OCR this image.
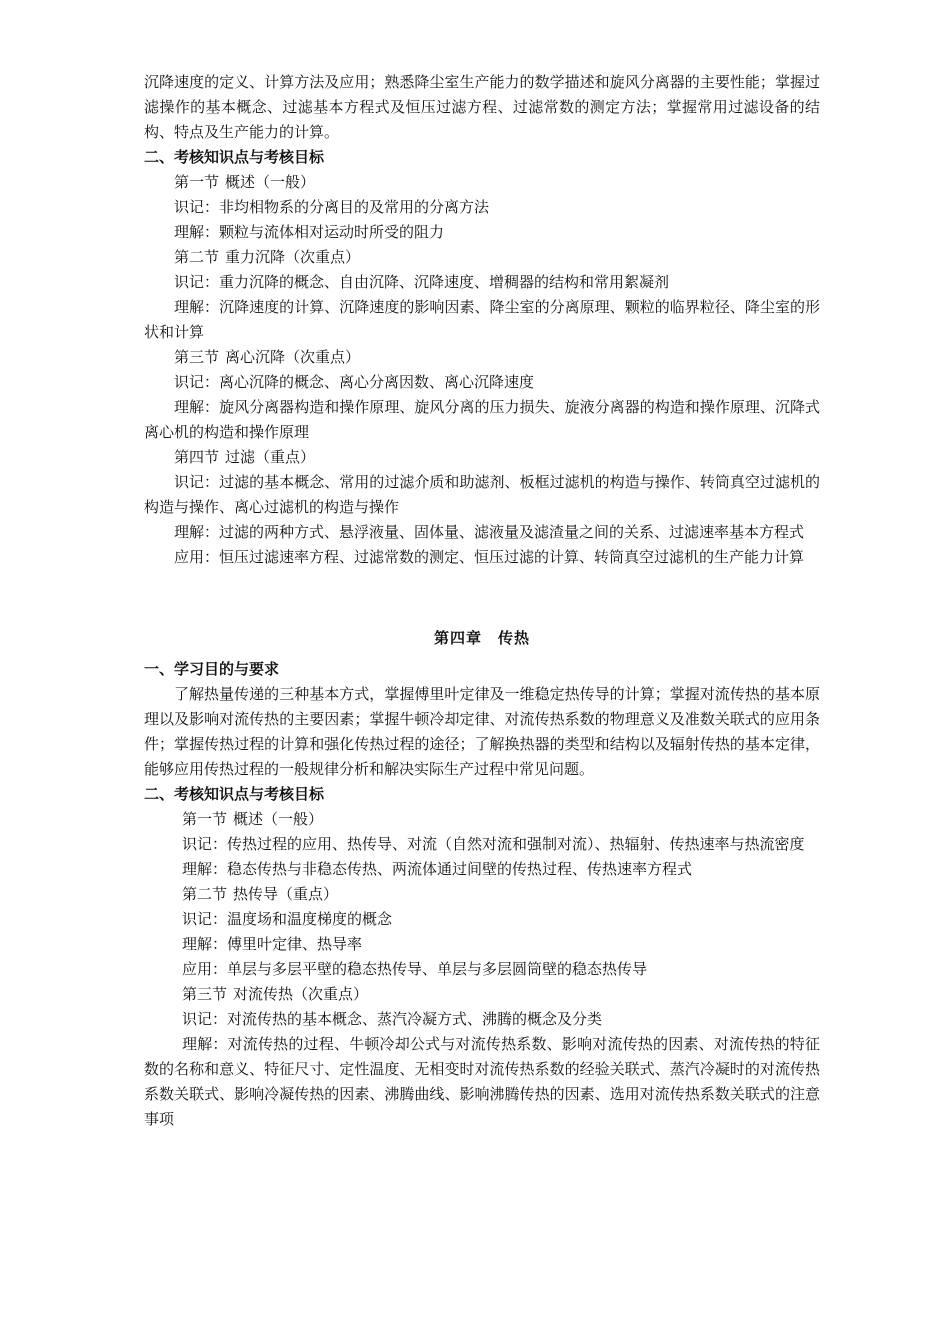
沉降速度的定义、计算方法及应用；熟悉降尘室生产能力的数学描述和旋风分离器的主要性能；掌握过滤操作的基本概念、过滤基本方程式及恒压过滤方程、过滤常数的测定方法；掌握常用过滤设备的结构、特点及生产能力的计算。

二、考核知识点与考核目标

第一节 概述（一般）

识记：非均相物系的分离目的及常用的分离方法

理解：颗粒与流体相对运动时所受的阻力

第二节 重力沉降（次重点）

识记：重力沉降的概念、自由沉降、沉降速度、增稠器的结构和常用絮凝剂

理解：沉降速度的计算、沉降速度的影响因素、降尘室的分离原理、颗粒的临界粒径、降尘室的形状和计算

第三节 离心沉降（次重点）

识记：离心沉降的概念、离心分离因数、离心沉降速度

理解：旋风分离器构造和操作原理、旋风分离的压力损失、旋液分离器的构造和操作原理、沉降式离心机的构造和操作原理

第四节 过滤（重点）

识记：过滤的基本概念、常用的过滤介质和助滤剂、板框过滤机的构造与操作、转筒真空过滤机的构造与操作、离心过滤机的构造与操作

理解：过滤的两种方式、悬浮液量、固体量、滤液量及滤渣量之间的关系、过滤速率基本方程式

应用：恒压过滤速率方程、过滤常数的测定、恒压过滤的计算、转筒真空过滤机的生产能力计算

第四章　传热

一、学习目的与要求

了解热量传递的三种基本方式，掌握傅里叶定律及一维稳定热传导的计算；掌握对流传热的基本原理以及影响对流传热的主要因素；掌握牛顿冷却定律、对流传热系数的物理意义及准数关联式的应用条件；掌握传热过程的计算和强化传热过程的途径；了解换热器的类型和结构以及辐射传热的基本定律，能够应用传热过程的一般规律分析和解决实际生产过程中常见问题。

二、考核知识点与考核目标

第一节 概述（一般）

识记：传热过程的应用、热传导、对流（自然对流和强制对流）、热辐射、传热速率与热流密度

理解：稳态传热与非稳态传热、两流体通过间壁的传热过程、传热速率方程式

第二节 热传导（重点）

识记：温度场和温度梯度的概念

理解：傅里叶定律、热导率

应用：单层与多层平壁的稳态热传导、单层与多层圆筒壁的稳态热传导

第三节 对流传热（次重点）

识记：对流传热的基本概念、蒸汽冷凝方式、沸腾的概念及分类

理解：对流传热的过程、牛顿冷却公式与对流传热系数、影响对流传热的因素、对流传热的特征数的名称和意义、特征尺寸、定性温度、无相变时对流传热系数的经验关联式、蒸汽冷凝时的对流传热系数关联式、影响冷凝传热的因素、沸腾曲线、影响沸腾传热的因素、选用对流传热系数关联式的注意事项
